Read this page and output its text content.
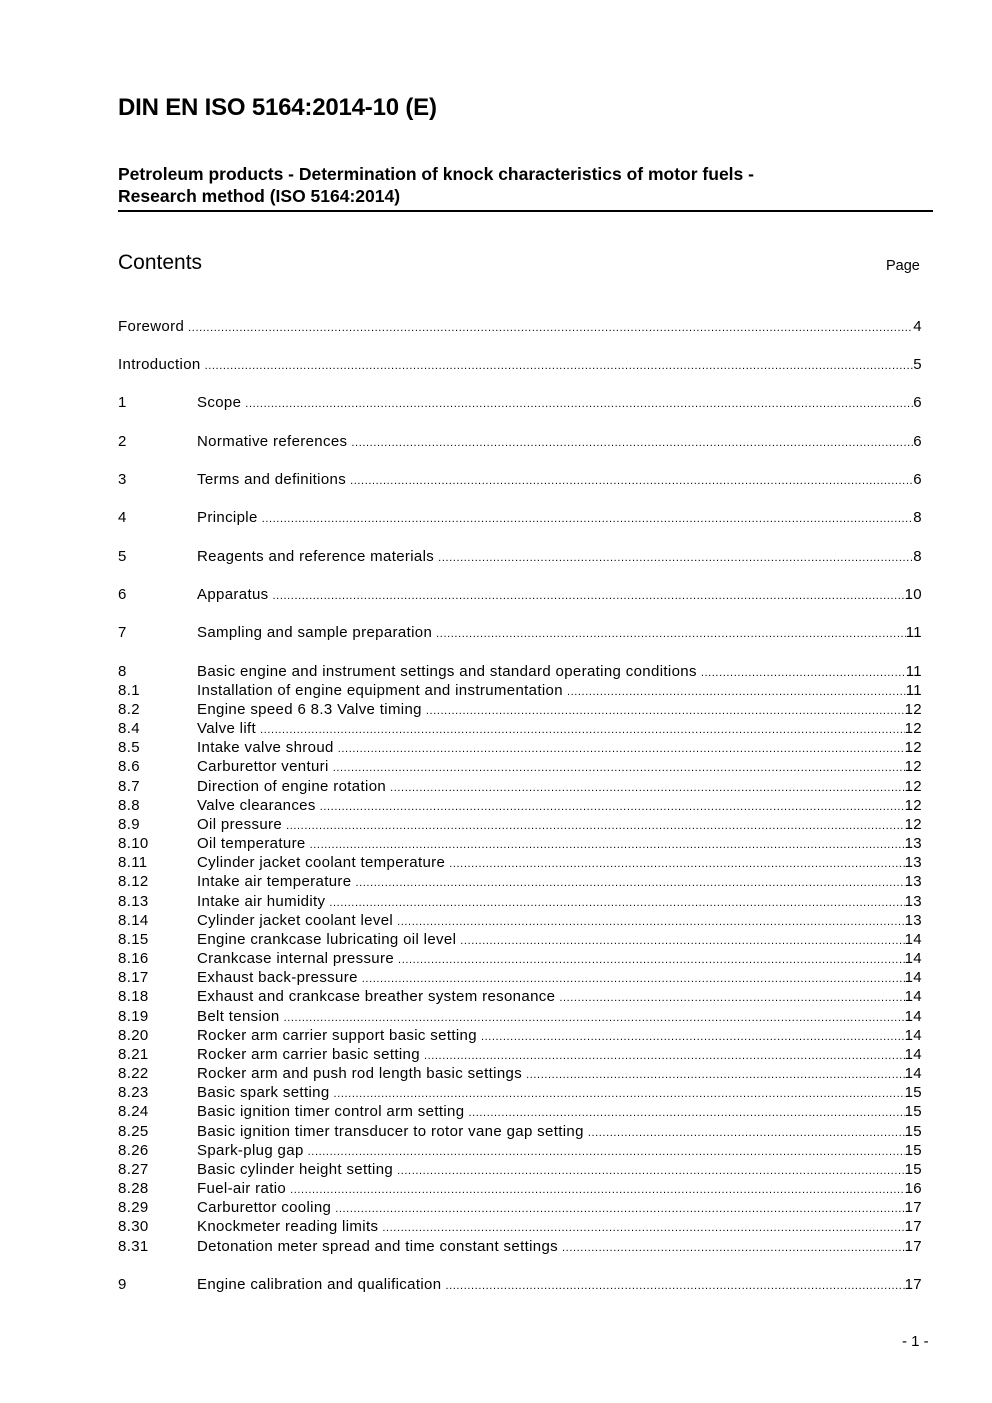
DIN EN ISO 5164:2014-10 (E)
Petroleum products - Determination of knock characteristics of motor fuels -
Research method (ISO 5164:2014)
Contents	Page
Foreword .....	4
Introduction .....	5
1	Scope .....	6
2	Normative references .....	6
3	Terms and definitions .....	6
4	Principle .....	8
5	Reagents and reference materials .....	8
6	Apparatus .....	10
7	Sampling and sample preparation .....	11
8	Basic engine and instrument settings and standard operating conditions .....	11
8.1	Installation of engine equipment and instrumentation .....	11
8.2	Engine speed 6 8.3 Valve timing .....	12
8.4	Valve lift .....	12
8.5	Intake valve shroud .....	12
8.6	Carburettor venturi .....	12
8.7	Direction of engine rotation .....	12
8.8	Valve clearances .....	12
8.9	Oil pressure .....	12
8.10	Oil temperature .....	13
8.11	Cylinder jacket coolant temperature .....	13
8.12	Intake air temperature .....	13
8.13	Intake air humidity .....	13
8.14	Cylinder jacket coolant level .....	13
8.15	Engine crankcase lubricating oil level .....	14
8.16	Crankcase internal pressure .....	14
8.17	Exhaust back-pressure .....	14
8.18	Exhaust and crankcase breather system resonance .....	14
8.19	Belt tension .....	14
8.20	Rocker arm carrier support basic setting .....	14
8.21	Rocker arm carrier basic setting .....	14
8.22	Rocker arm and push rod length basic settings .....	14
8.23	Basic spark setting .....	15
8.24	Basic ignition timer control arm setting .....	15
8.25	Basic ignition timer transducer to rotor vane gap setting .....	15
8.26	Spark-plug gap .....	15
8.27	Basic cylinder height setting .....	15
8.28	Fuel-air ratio .....	16
8.29	Carburettor cooling .....	17
8.30	Knockmeter reading limits .....	17
8.31	Detonation meter spread and time constant settings .....	17
9	Engine calibration and qualification .....	17
- 1 -
